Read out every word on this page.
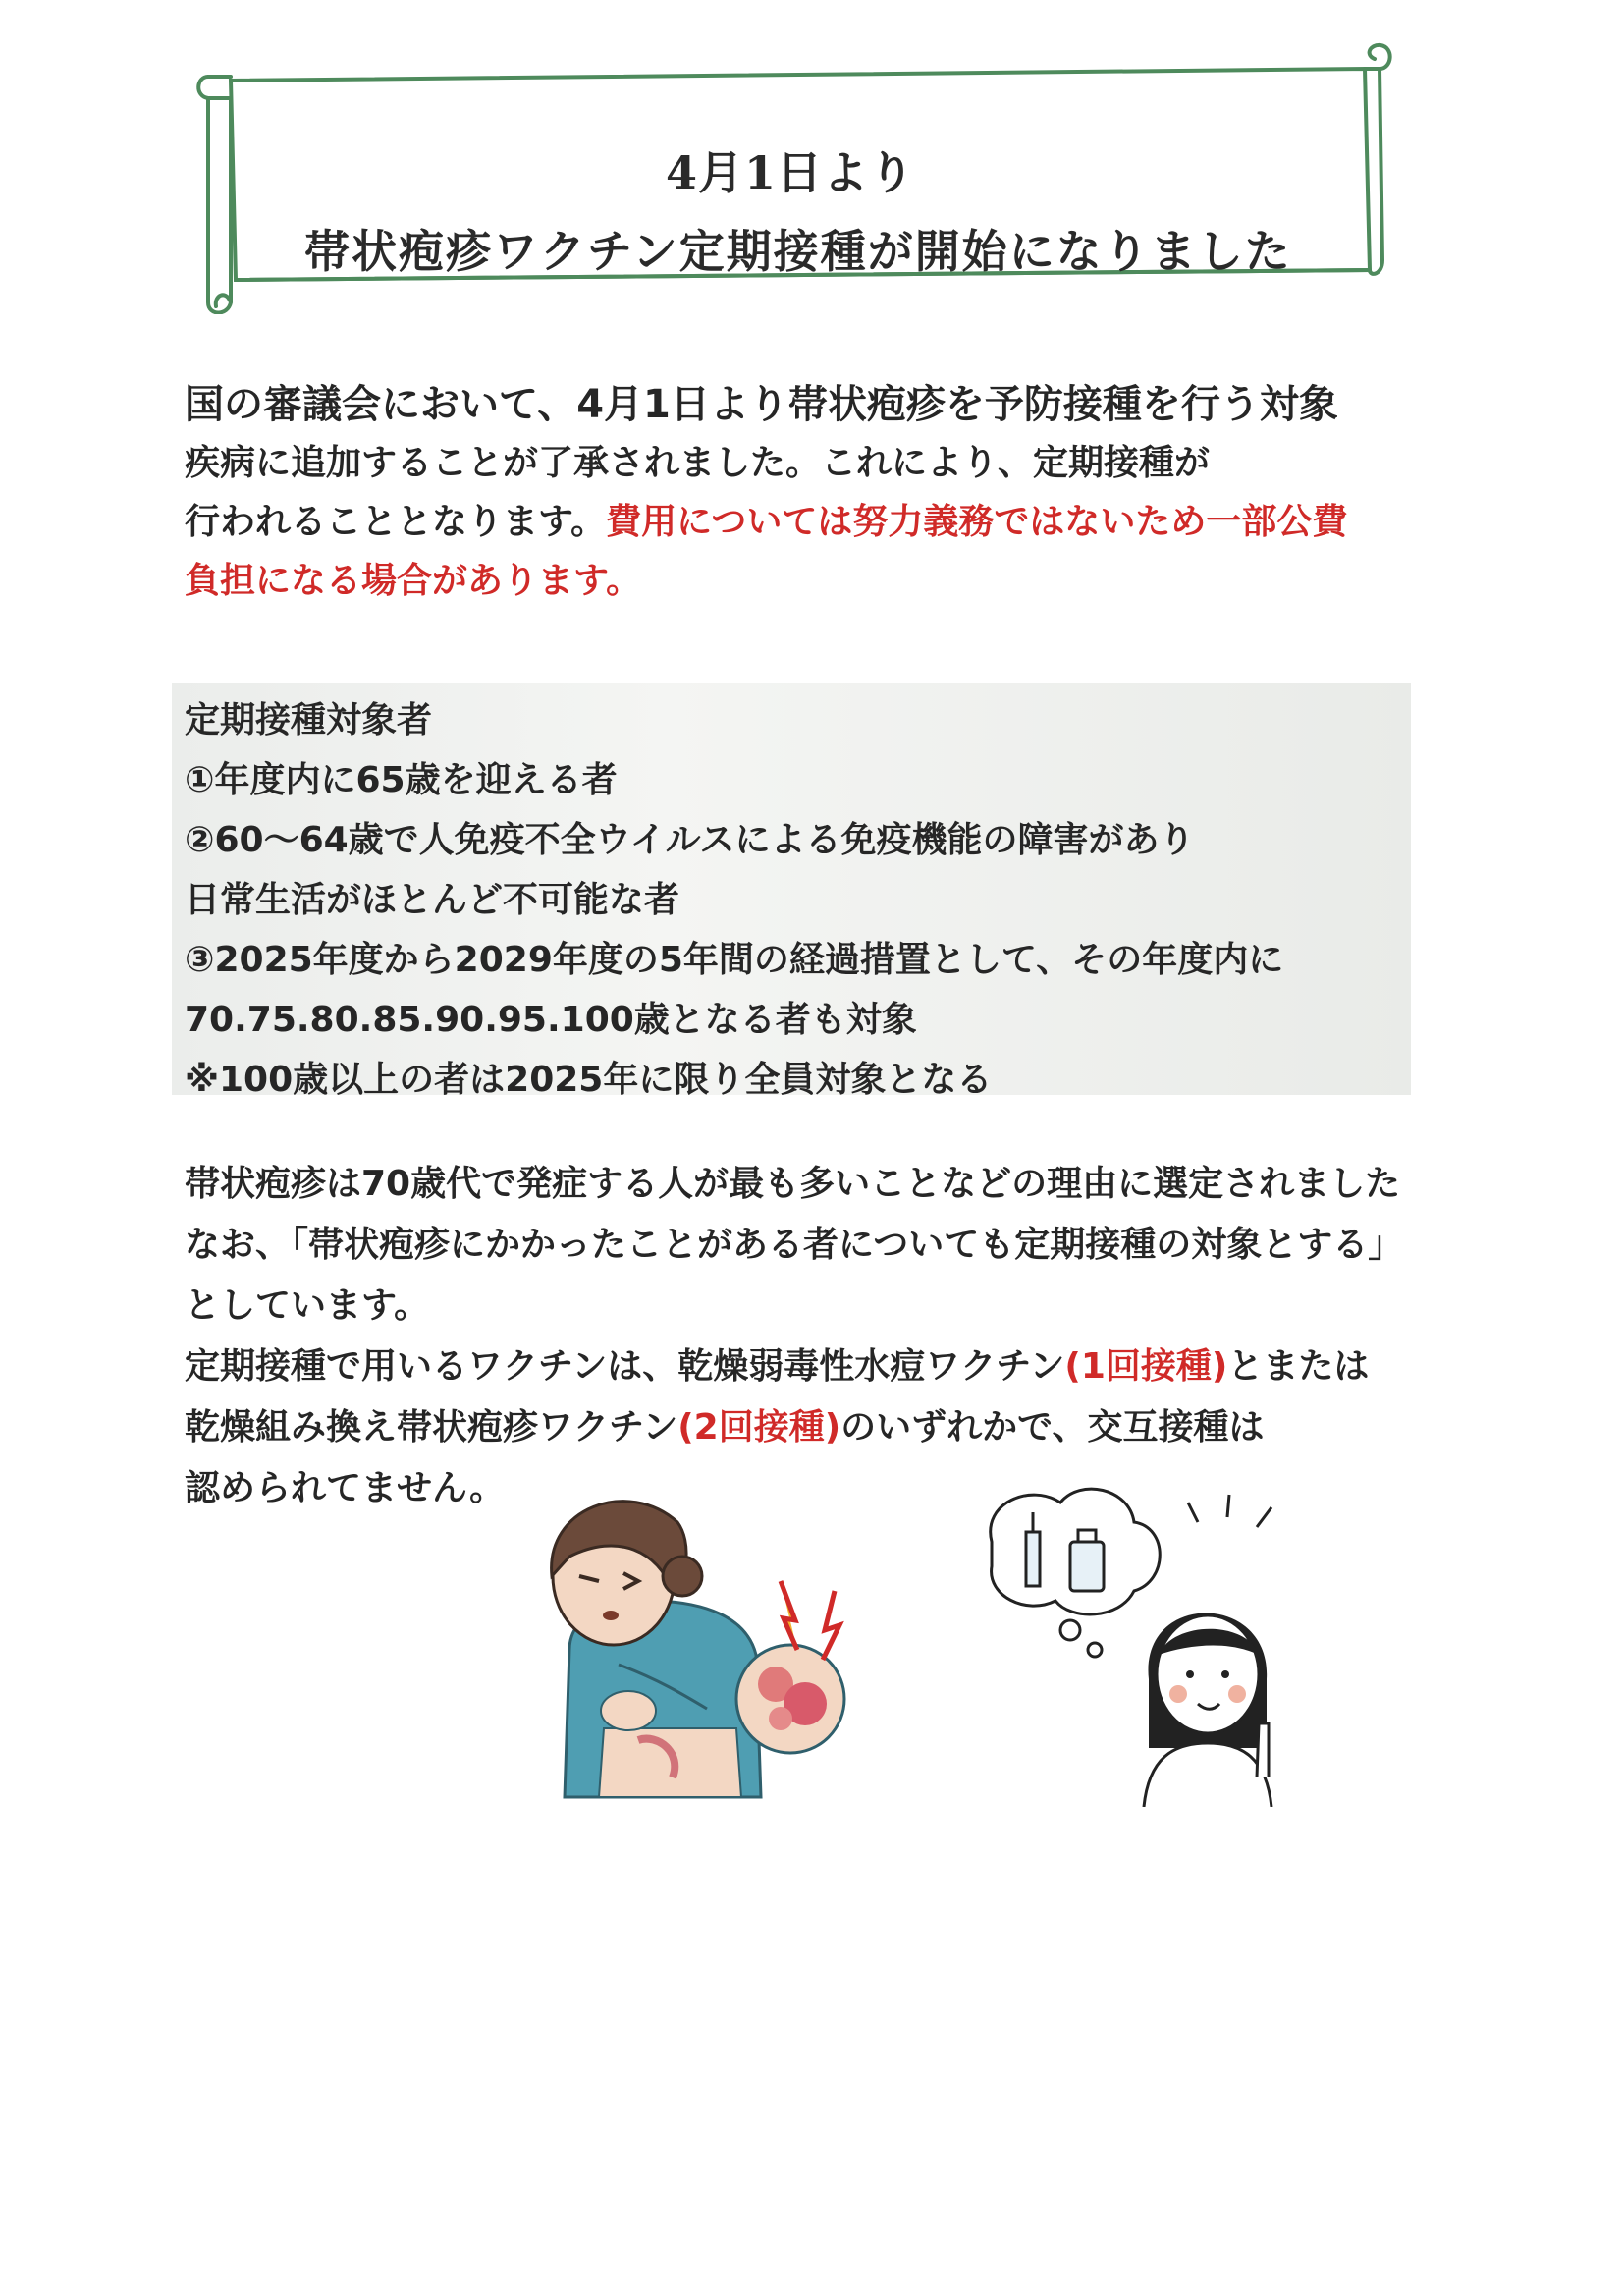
4月1日より
帯状疱疹ワクチン定期接種が開始になりました
国の審議会において、4月1日より帯状疱疹を予防接種を行う対象
疾病に追加することが了承されました。これにより、定期接種が
行われることとなります。費用については努力義務ではないため一部公費
負担になる場合があります。
定期接種対象者
①年度内に65歳を迎える者
②60～64歳で人免疫不全ウイルスによる免疫機能の障害があり
日常生活がほとんど不可能な者
③2025年度から2029年度の5年間の経過措置として、その年度内に
70.75.80.85.90.95.100歳となる者も対象
※100歳以上の者は2025年に限り全員対象となる
帯状疱疹は70歳代で発症する人が最も多いことなどの理由に選定されました
なお、「帯状疱疹にかかったことがある者についても定期接種の対象とする」
としています。
定期接種で用いるワクチンは、乾燥弱毒性水痘ワクチン(1回接種)とまたは
乾燥組み換え帯状疱疹ワクチン(2回接種)のいずれかで、交互接種は
認められてません。
